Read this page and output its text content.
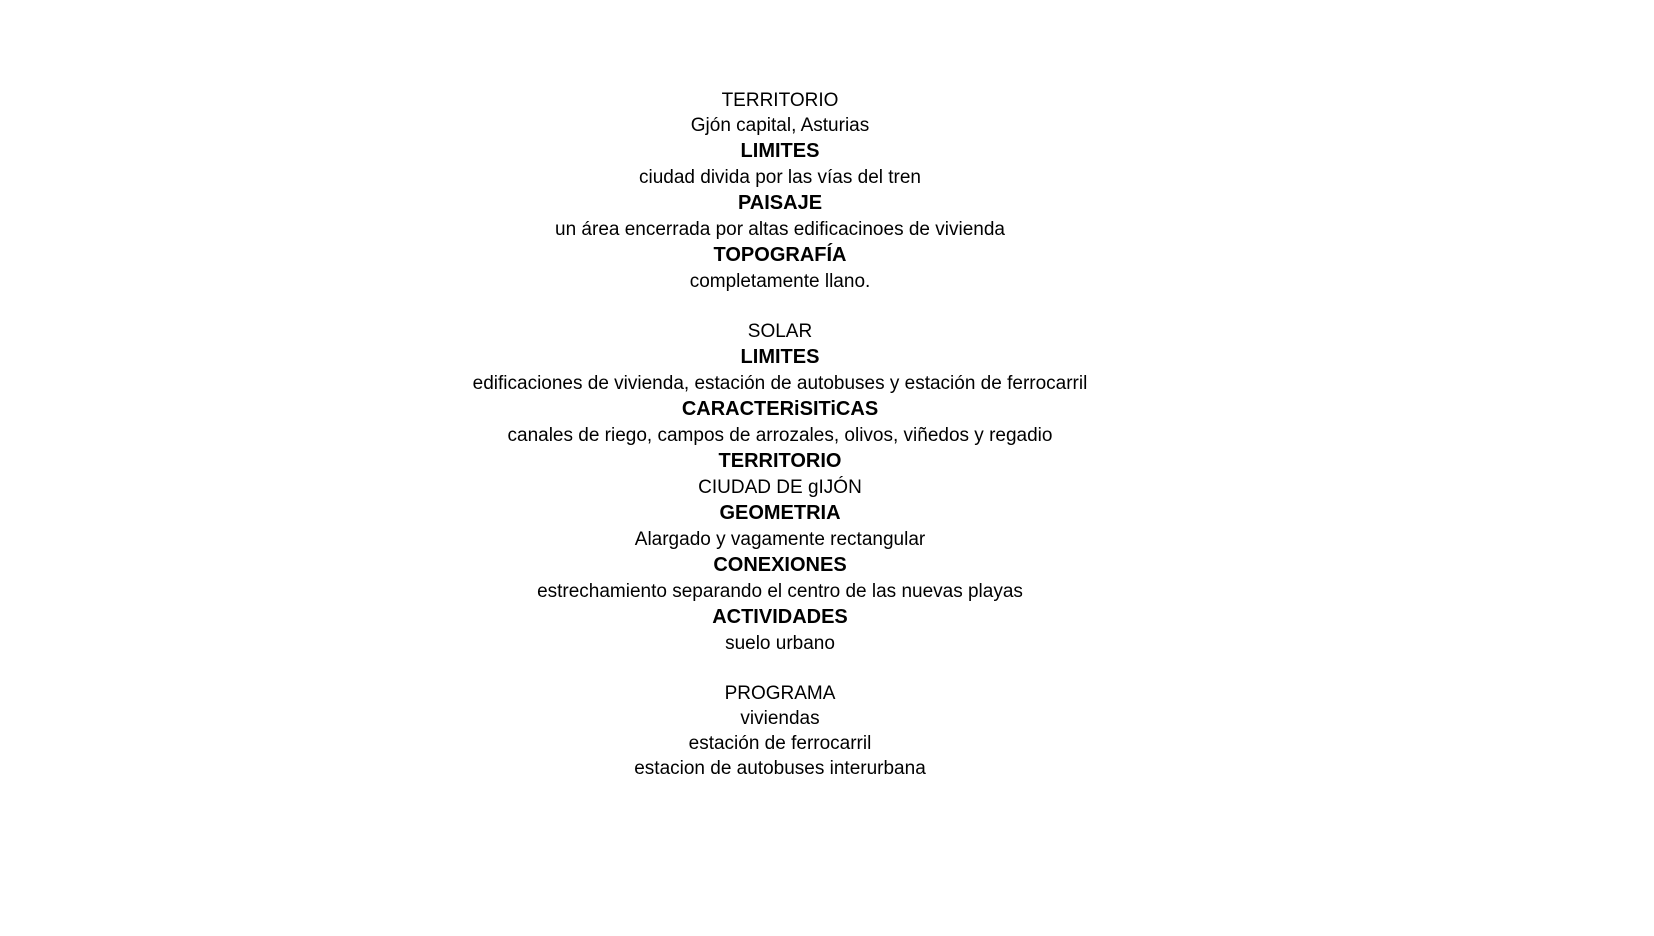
TERRITORIO
Gjón capital, Asturias
LIMITES
ciudad divida por las vías del tren
PAISAJE
un área encerrada por altas edificacinoes de vivienda
TOPOGRAFÍA
completamente llano.
SOLAR
LIMITES
edificaciones de vivienda, estación de autobuses y estación de ferrocarril
CARACTERiSITiCAS
canales de riego, campos de arrozales, olivos, viñedos y regadio
TERRITORIO
CIUDAD DE gIJÓN
GEOMETRIA
Alargado y vagamente rectangular
CONEXIONES
estrechamiento separando el centro de las nuevas playas
ACTIVIDADES
suelo urbano
PROGRAMA
viviendas
estación de ferrocarril
estacion de autobuses interurbana
